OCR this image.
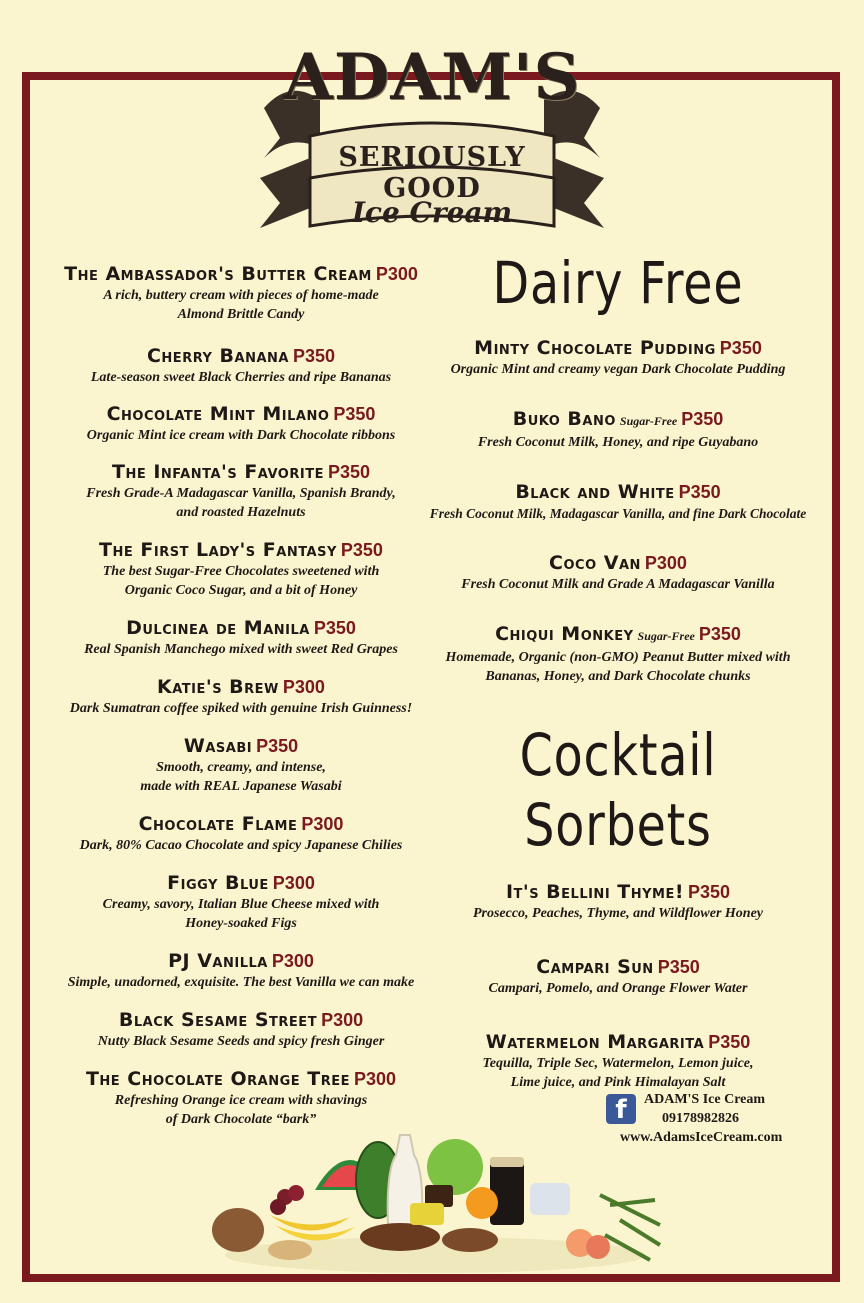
ADAM'S
SERIOUSLY GOOD
Ice Cream
The Ambassador's Butter Cream P300
A rich, buttery cream with pieces of home-made
Almond Brittle Candy
Cherry Banana P350
Late-season sweet Black Cherries and ripe Bananas
Chocolate Mint Milano P350
Organic Mint ice cream with Dark Chocolate ribbons
The Infanta's Favorite P350
Fresh Grade-A Madagascar Vanilla, Spanish Brandy,
and roasted Hazelnuts
The First Lady's Fantasy P350
The best Sugar-Free Chocolates sweetened with
Organic Coco Sugar, and a bit of Honey
Dulcinea de Manila P350
Real Spanish Manchego mixed with sweet Red Grapes
Katie's Brew P300
Dark Sumatran coffee spiked with genuine Irish Guinness!
Wasabi P350
Smooth, creamy, and intense,
made with REAL Japanese Wasabi
Chocolate Flame P300
Dark, 80% Cacao Chocolate and spicy Japanese Chilies
Figgy Blue P300
Creamy, savory, Italian Blue Cheese mixed with
Honey-soaked Figs
PJ Vanilla P300
Simple, unadorned, exquisite. The best Vanilla we can make
Black Sesame Street P300
Nutty Black Sesame Seeds and spicy fresh Ginger
The Chocolate Orange Tree P300
Refreshing Orange ice cream with shavings
of Dark Chocolate “bark”
Dairy Free
Minty Chocolate Pudding P350
Organic Mint and creamy vegan Dark Chocolate Pudding
Buko Bano Sugar-Free P350
Fresh Coconut Milk, Honey, and ripe Guyabano
Black and White P350
Fresh Coconut Milk, Madagascar Vanilla, and fine Dark Chocolate
Coco Van P300
Fresh Coconut Milk and Grade A Madagascar Vanilla
Chiqui Monkey Sugar-Free P350
Homemade, Organic (non-GMO) Peanut Butter mixed with
Bananas, Honey, and Dark Chocolate chunks
Cocktail Sorbets
It's Bellini Thyme! P350
Prosecco, Peaches, Thyme, and Wildflower Honey
Campari Sun P350
Campari, Pomelo, and Orange Flower Water
Watermelon Margarita P350
Tequilla, Triple Sec, Watermelon, Lemon juice,
Lime juice, and Pink Himalayan Salt
f	ADAM'S Ice Cream
09178982826
www.AdamsIceCream.com
